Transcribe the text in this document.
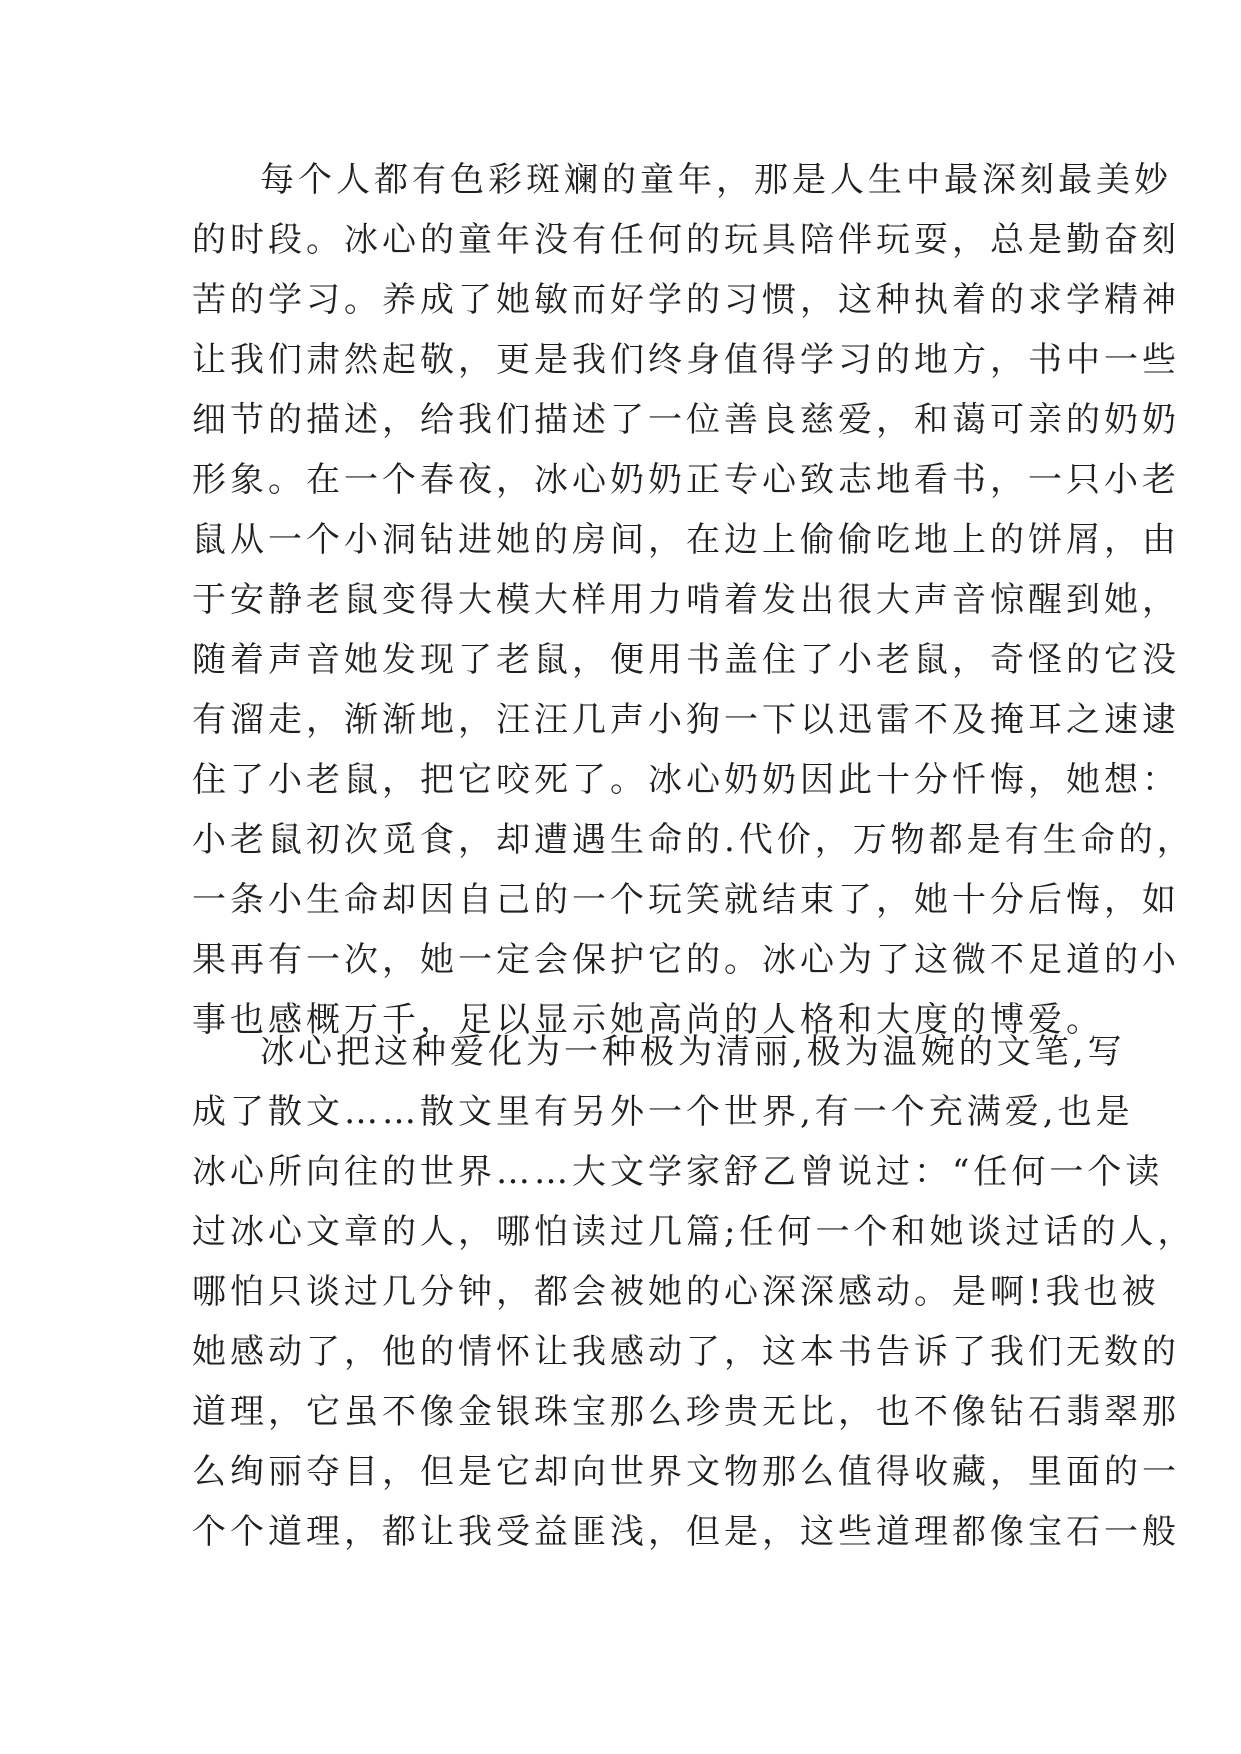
每个人都有色彩斑斓的童年，那是人生中最深刻最美妙
的时段。冰心的童年没有任何的玩具陪伴玩耍，总是勤奋刻
苦的学习。养成了她敏而好学的习惯，这种执着的求学精神
让我们肃然起敬，更是我们终身值得学习的地方，书中一些
细节的描述，给我们描述了一位善良慈爱，和蔼可亲的奶奶
形象。在一个春夜，冰心奶奶正专心致志地看书，一只小老
鼠从一个小洞钻进她的房间，在边上偷偷吃地上的饼屑，由
于安静老鼠变得大模大样用力啃着发出很大声音惊醒到她，
随着声音她发现了老鼠，便用书盖住了小老鼠，奇怪的它没
有溜走，渐渐地，汪汪几声小狗一下以迅雷不及掩耳之速逮
住了小老鼠，把它咬死了。冰心奶奶因此十分忏悔，她想：
小老鼠初次觅食，却遭遇生命的.代价，万物都是有生命的，
一条小生命却因自己的一个玩笑就结束了，她十分后悔，如
果再有一次，她一定会保护它的。冰心为了这微不足道的小
事也感概万千，足以显示她高尚的人格和大度的博爱。
冰心把这种爱化为一种极为清丽,极为温婉的文笔,写
成了散文……散文里有另外一个世界,有一个充满爱,也是
冰心所向往的世界……大文学家舒乙曾说过：“任何一个读
过冰心文章的人，哪怕读过几篇;任何一个和她谈过话的人，
哪怕只谈过几分钟，都会被她的心深深感动。是啊!我也被
她感动了，他的情怀让我感动了，这本书告诉了我们无数的
道理，它虽不像金银珠宝那么珍贵无比，也不像钻石翡翠那
么绚丽夺目，但是它却向世界文物那么值得收藏，里面的一
个个道理，都让我受益匪浅，但是，这些道理都像宝石一般
